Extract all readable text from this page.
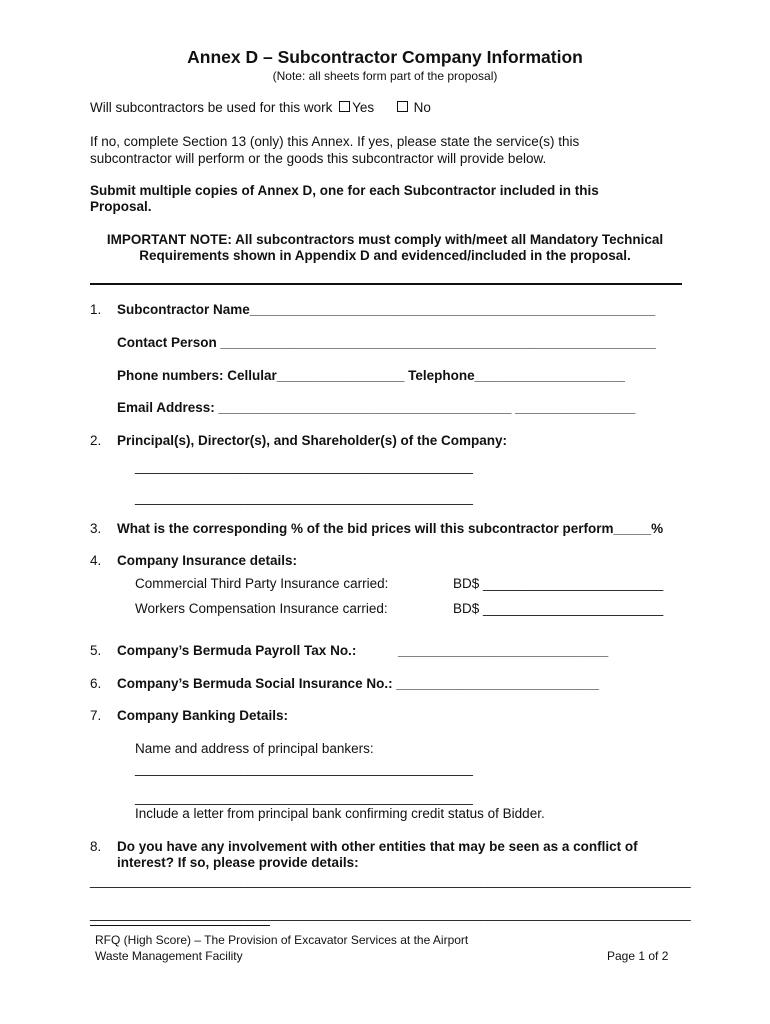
Annex D – Subcontractor Company Information
(Note: all sheets form part of the proposal)
Will subcontractors be used for this work Yes	No
If no, complete Section 13 (only) this Annex. If yes, please state the service(s) this
subcontractor will perform or the goods this subcontractor will provide below.
Submit multiple copies of Annex D, one for each Subcontractor included in this
Proposal.
IMPORTANT NOTE: All subcontractors must comply with/meet all Mandatory Technical
Requirements shown in Appendix D and evidenced/included in the proposal.
1.	Subcontractor Name______________________________________________________
Contact Person __________________________________________________________
Phone numbers: Cellular_________________ Telephone____________________
Email Address: _______________________________________ ________________
2.	Principal(s), Director(s), and Shareholder(s) of the Company:
_____________________________________________
_____________________________________________
3.	What is the corresponding % of the bid prices will this subcontractor perform_____%
4.	Company Insurance details:
Commercial Third Party Insurance carried:	BD$ ________________________
Workers Compensation Insurance carried:	BD$ ________________________
5.	Company’s Bermuda Payroll Tax No.:	____________________________
6.	Company’s Bermuda Social Insurance No.: ___________________________
7.	Company Banking Details:
Name and address of principal bankers:
_____________________________________________
_____________________________________________
Include a letter from principal bank confirming credit status of Bidder.
8.	Do you have any involvement with other entities that may be seen as a conflict of
interest? If so, please provide details:
________________________________________________________________________________
________________________________________________________________________________
RFQ (High Score) – The Provision of Excavator Services at the Airport
Waste Management Facility	Page 1 of 2
